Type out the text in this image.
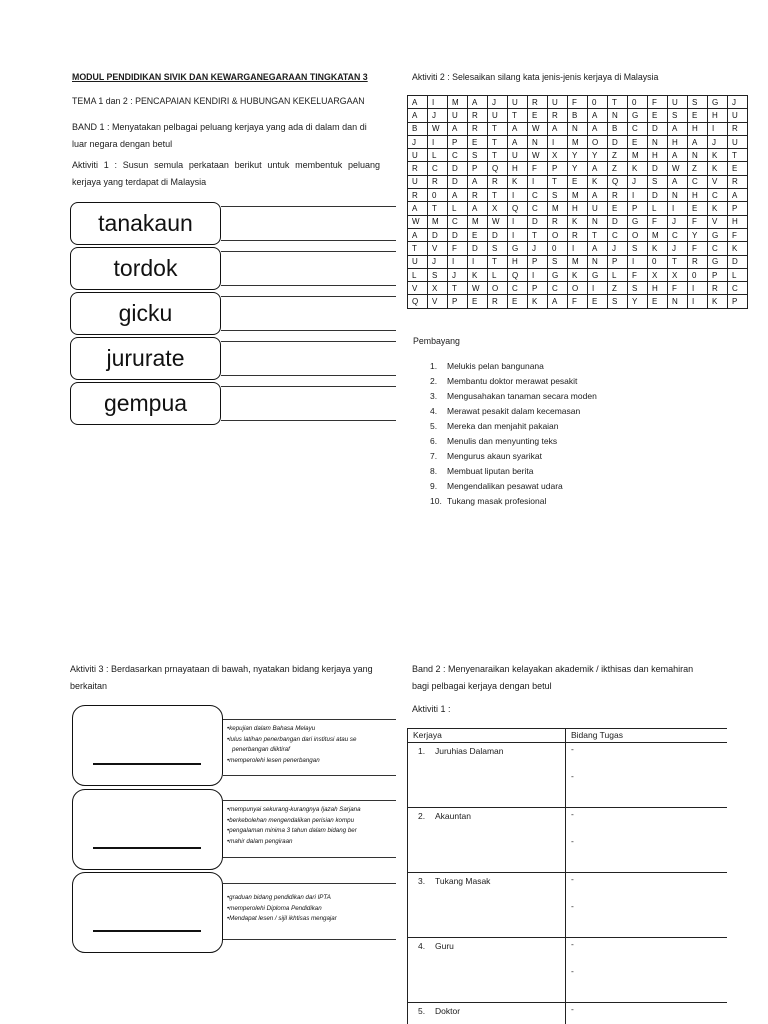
MODUL PENDIDIKAN SIVIK DAN KEWARGANEGARAAN TINGKATAN 3
TEMA 1 dan 2 : PENCAPAIAN KENDIRI & HUBUNGAN KEKELUARGAAN
BAND 1 : Menyatakan pelbagai peluang kerjaya yang ada di dalam dan di luar negara dengan betul
Aktiviti 1 : Susun semula perkataan berikut untuk membentuk peluang kerjaya yang terdapat di Malaysia
tanakaun
tordok
gicku
jururate
gempua
Aktiviti 2 : Selesaikan silang kata jenis-jenis kerjaya di Malaysia
A	I	M	A	J	U	R	U	F	0	T	0	F	U	S	G	J
A	J	U	R	U	T	E	R	B	A	N	G	E	S	E	H	U
B	W	A	R	T	A	W	A	N	A	B	C	D	A	H	I	R
J	I	P	E	T	A	N	I	M	O	D	E	N	H	A	J	U
U	L	C	S	T	U	W	X	Y	Y	Z	M	H	A	N	K	T
R	C	D	P	Q	H	F	P	Y	A	Z	K	D	W	Z	K	E
U	R	D	A	R	K	I	T	E	K	Q	J	S	A	C	V	R
R	0	A	R	T	I	C	S	M	A	R	I	D	N	H	C	A
A	T	L	A	X	Q	C	M	H	U	E	P	L	I	E	K	P
W	M	C	M	W	I	D	R	K	N	D	G	F	J	F	V	H
A	D	D	E	D	I	T	O	R	T	C	O	M	C	Y	G	F
T	V	F	D	S	G	J	0	I	A	J	S	K	J	F	C	K
U	J	I	I	T	H	P	S	M	N	P	I	0	T	R	G	D
L	S	J	K	L	Q	I	G	K	G	L	F	X	X	0	P	L
V	X	T	W	O	C	P	C	O	I	Z	S	H	F	I	R	C
Q	V	P	E	R	E	K	A	F	E	S	Y	E	N	I	K	P
Pembayang
1. Melukis pelan bangunana
2. Membantu doktor merawat pesakit
3. Mengusahakan tanaman secara moden
4. Merawat pesakit dalam kecemasan
5. Mereka dan menjahit pakaian
6. Menulis dan menyunting teks
7. Mengurus akaun syarikat
8. Membuat liputan berita
9. Mengendalikan pesawat udara
10. Tukang masak profesional
Aktiviti 3 : Berdasarkan prnayataan di bawah, nyatakan bidang kerjaya yang berkaitan
•kepujian dalam Bahasa Melayu
•lulus latihan penerbangan dari institusi atau se
penerbangan diiktiraf
•memperolehi lesen penerbangan
•mempunyai sekurang-kurangnya Ijazah Sarjana
•berkebolehan mengendalikan perisian kompu
•pengalaman minima 3 tahun dalam bidang ber
•mahir dalam pengiraan
•graduan bidang pendidikan dari IPTA
•memperolehi Diploma Pendidikan
•Mendapat lesen / sijil ikhtisas mengajar
Band 2 : Menyenaraikan kelayakan akademik / ikthisas dan kemahiran bagi pelbagai kerjaya dengan betul
Aktiviti 1 :
Kerjaya	Bidang Tugas
1. Juruhias Dalaman	-
-

2. Akauntan	-
-

3. Tukang Masak	-
-

4. Guru	-
-

5. Doktor	-
